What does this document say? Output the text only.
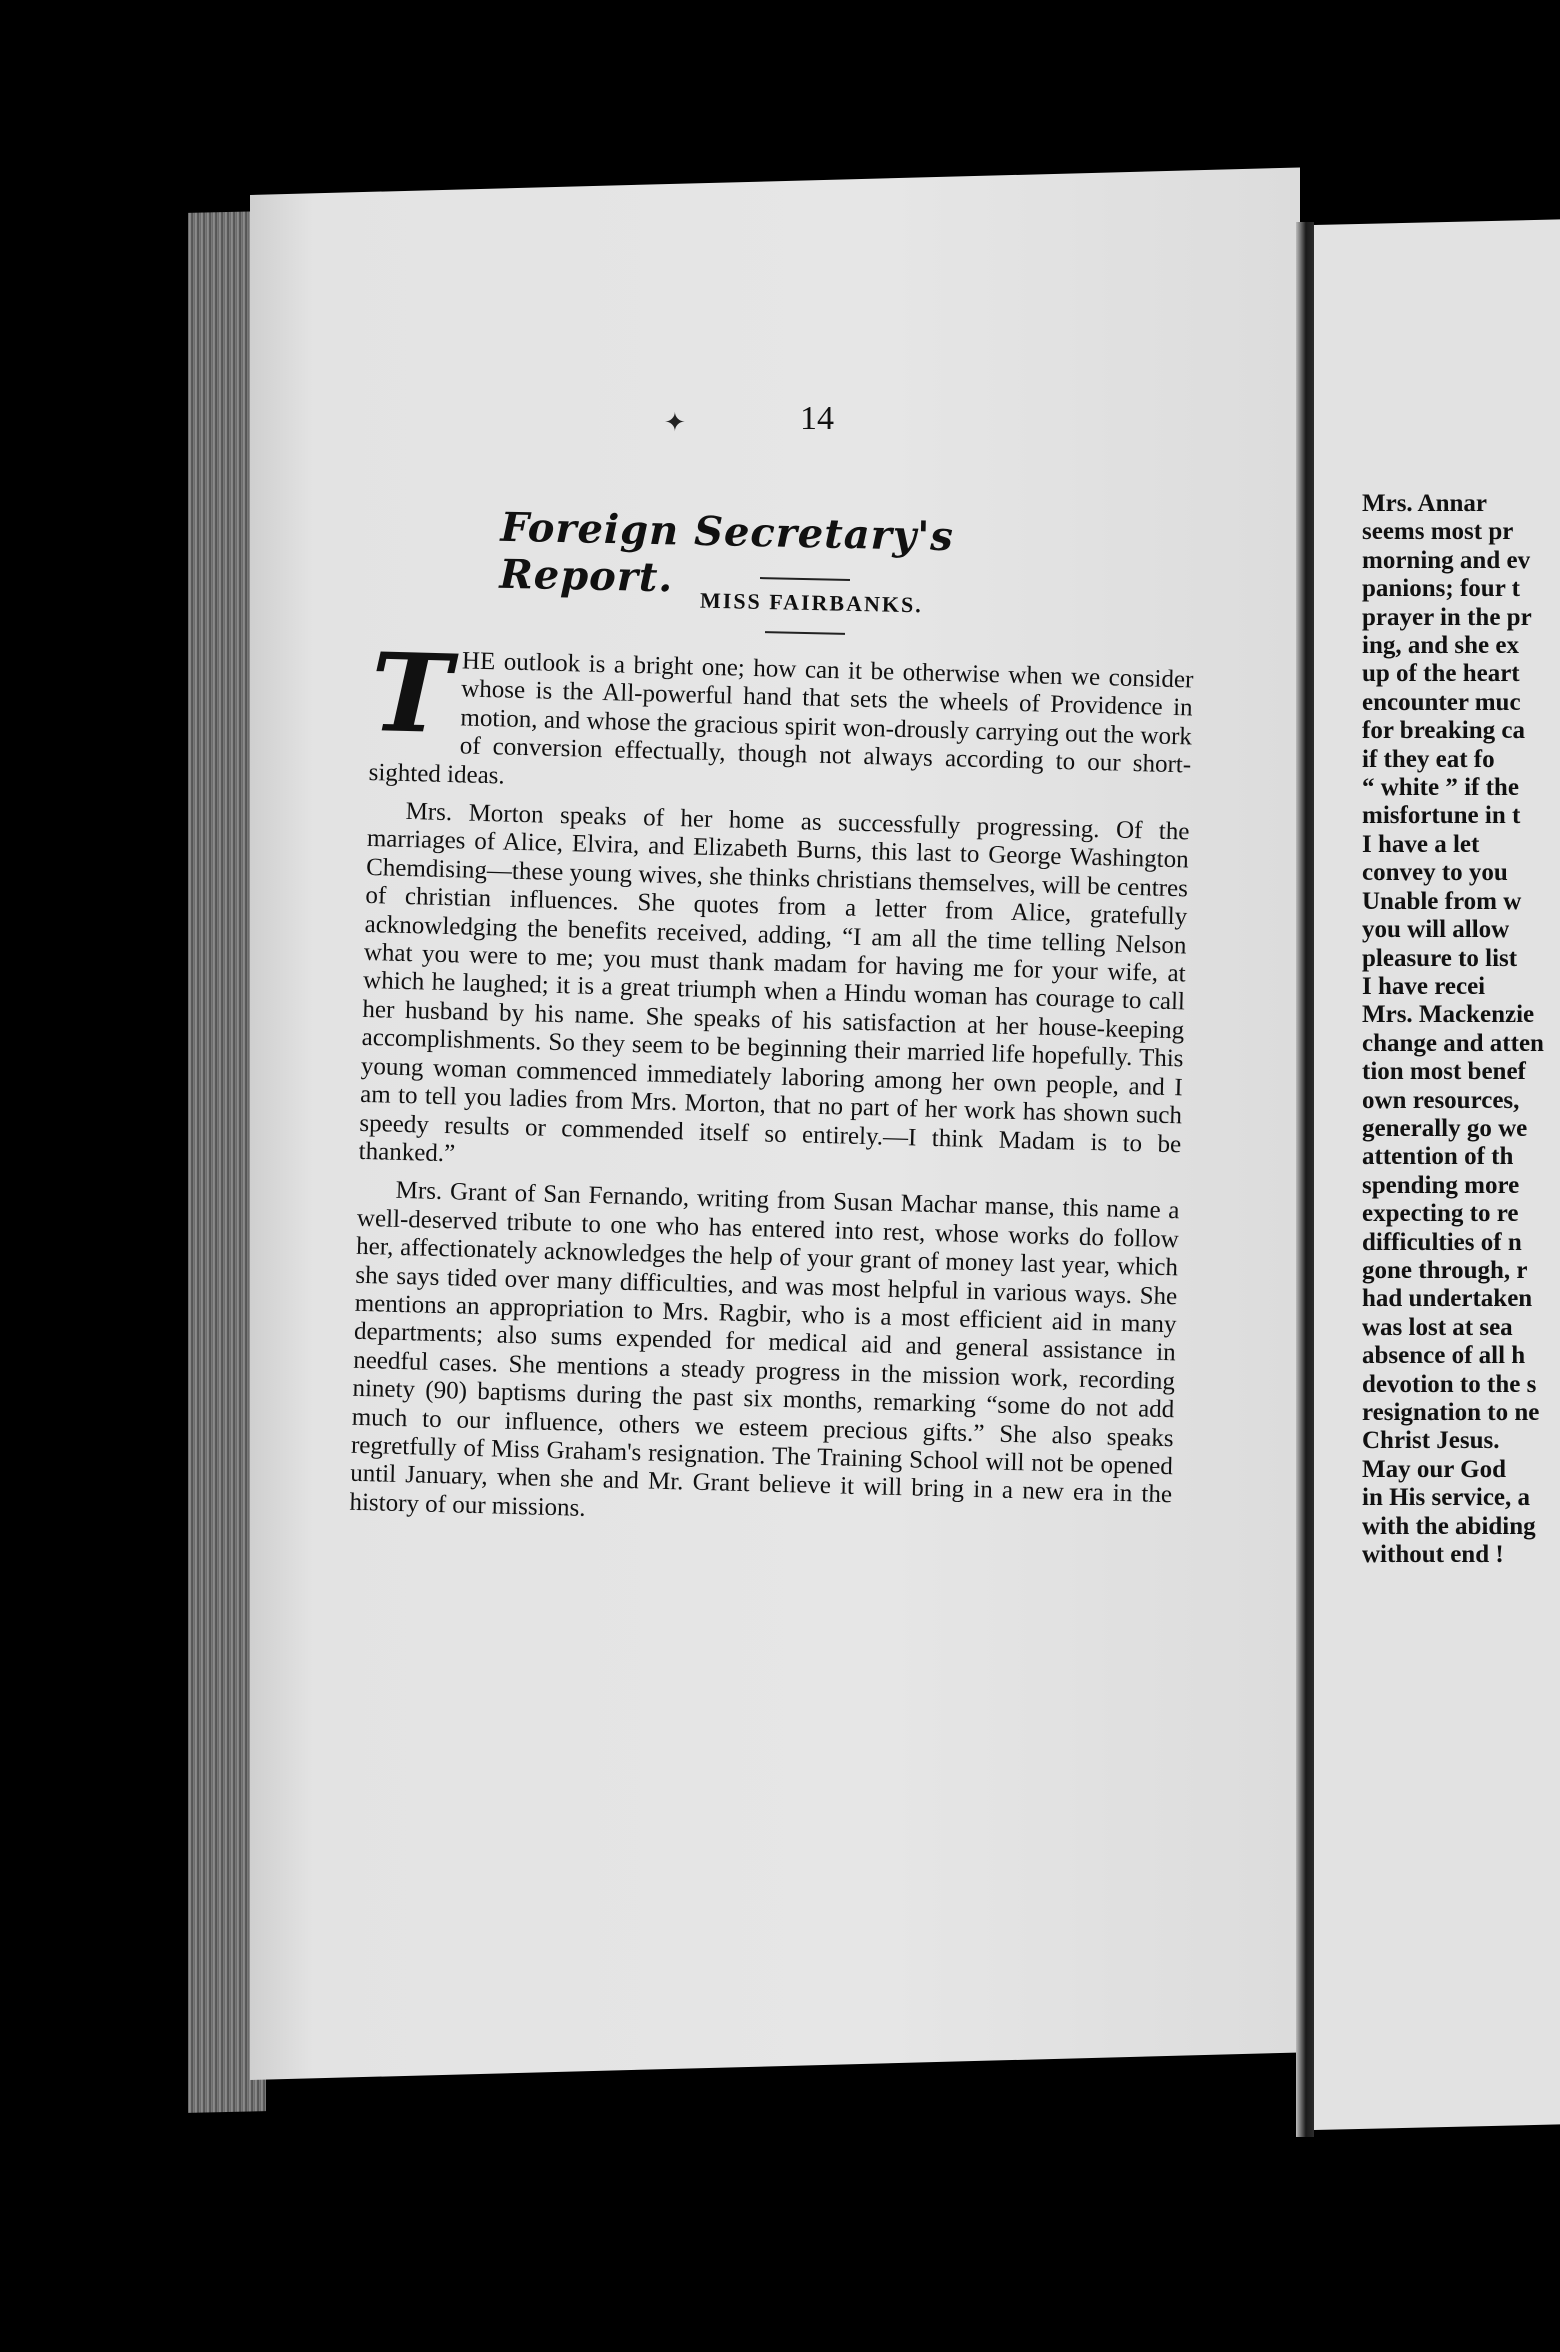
✦	14
Foreign Secretary's Report.
MISS FAIRBANKS.

THE outlook is a bright one; how can it be otherwise when we consider whose is the All-powerful hand that sets the wheels of Providence in motion, and whose the gracious spirit won-drously carrying out the work of conversion effectually, though not always according to our short-sighted ideas.

Mrs. Morton speaks of her home as successfully progressing. Of the marriages of Alice, Elvira, and Elizabeth Burns, this last to George Washington Chemdising—these young wives, she thinks christians themselves, will be centres of christian influences. She quotes from a letter from Alice, gratefully acknowledging the benefits received, adding, “I am all the time telling Nelson what you were to me; you must thank madam for having me for your wife, at which he laughed; it is a great triumph when a Hindu woman has courage to call her husband by his name. She speaks of his satisfaction at her house-keeping accomplishments. So they seem to be beginning their married life hopefully. This young woman commenced immediately laboring among her own people, and I am to tell you ladies from Mrs. Morton, that no part of her work has shown such speedy results or commended itself so entirely.—I think Madam is to be thanked.”

Mrs. Grant of San Fernando, writing from Susan Machar manse, this name a well-deserved tribute to one who has entered into rest, whose works do follow her, affectionately acknowledges the help of your grant of money last year, which she says tided over many difficulties, and was most helpful in various ways. She mentions an appropriation to Mrs. Ragbir, who is a most efficient aid in many departments; also sums expended for medical aid and general assistance in needful cases. She mentions a steady progress in the mission work, recording ninety (90) baptisms during the past six months, remarking “some do not add much to our influence, others we esteem precious gifts.” She also speaks regretfully of Miss Graham's resignation. The Training School will not be opened until January, when she and Mr. Grant believe it will bring in a new era in the history of our missions.

Mrs. Annar
seems most pr
morning and ev
panions; four t
prayer in the pr
ing, and she ex
up of the heart
encounter muc
for breaking ca
if they eat fo
“ white ” if the
misfortune in t
I have a let
convey to you
Unable from w
you will allow
pleasure to list
I have recei
Mrs. Mackenzie
change and atten
tion most benef
own resources,
generally go we
attention of th
spending more
expecting to re
difficulties of n
gone through, r
had undertaken
was lost at sea
absence of all h
devotion to the s
resignation to ne
Christ Jesus.
May our God
in His service, a
with the abiding
without end !
